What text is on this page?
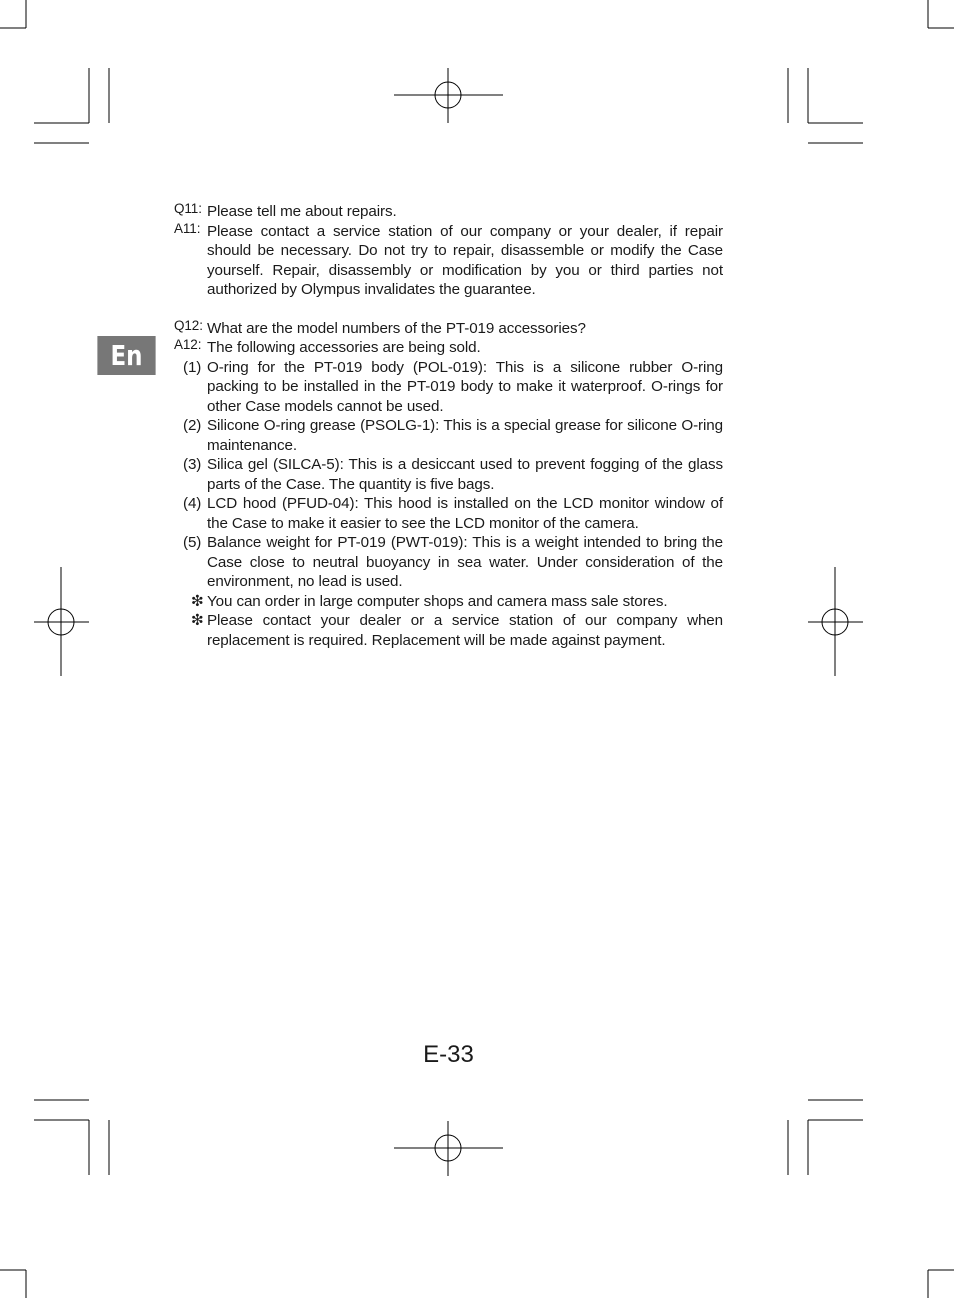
En
Q11: Please tell me about repairs.
A11: Please contact a service station of our company or your dealer, if repair should be necessary. Do not try to repair, disassemble or modify the Case yourself. Repair, disassembly or modification by you or third parties not authorized by Olympus invalidates the guarantee.
Q12: What are the model numbers of the PT-019 accessories?
A12: The following accessories are being sold.
(1) O-ring for the PT-019 body (POL-019): This is a silicone rubber O-ring packing to be installed in the PT-019 body to make it waterproof. O-rings for other Case models cannot be used.
(2) Silicone O-ring grease (PSOLG-1): This is a special grease for silicone O-ring maintenance.
(3) Silica gel (SILCA-5): This is a desiccant used to prevent fogging of the glass parts of the Case. The quantity is five bags.
(4) LCD hood (PFUD-04): This hood is installed on the LCD monitor window of the Case to make it easier to see the LCD monitor of the camera.
(5) Balance weight for PT-019 (PWT-019): This is a weight intended to bring the Case close to neutral buoyancy in sea water. Under consideration of the environment, no lead is used.
❇ You can order in large computer shops and camera mass sale stores.
❇ Please contact your dealer or a service station of our company when replacement is required. Replacement will be made against payment.
E-33
